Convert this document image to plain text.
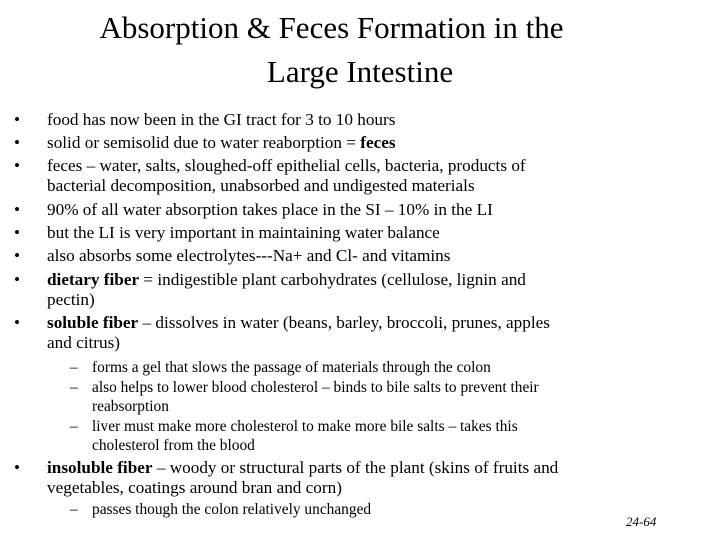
Absorption & Feces Formation in the
Large Intestine
• food has now been in the GI tract for 3 to 10 hours
• solid or semisolid due to water reaborption = feces
• feces – water, salts, sloughed-off epithelial cells, bacteria, products of
bacterial decomposition, unabsorbed and undigested materials
• 90% of all water absorption takes place in the SI – 10% in the LI
• but the LI is very important in maintaining water balance
• also absorbs some electrolytes---Na+ and Cl- and vitamins
• dietary fiber = indigestible plant carbohydrates (cellulose, lignin and
pectin)
• soluble fiber – dissolves in water (beans, barley, broccoli, prunes, apples
and citrus)
– forms a gel that slows the passage of materials through the colon
– also helps to lower blood cholesterol – binds to bile salts to prevent their
reabsorption
– liver must make more cholesterol to make more bile salts – takes this
cholesterol from the blood
• insoluble fiber – woody or structural parts of the plant (skins of fruits and
vegetables, coatings around bran and corn)
– passes though the colon relatively unchanged
24-64
